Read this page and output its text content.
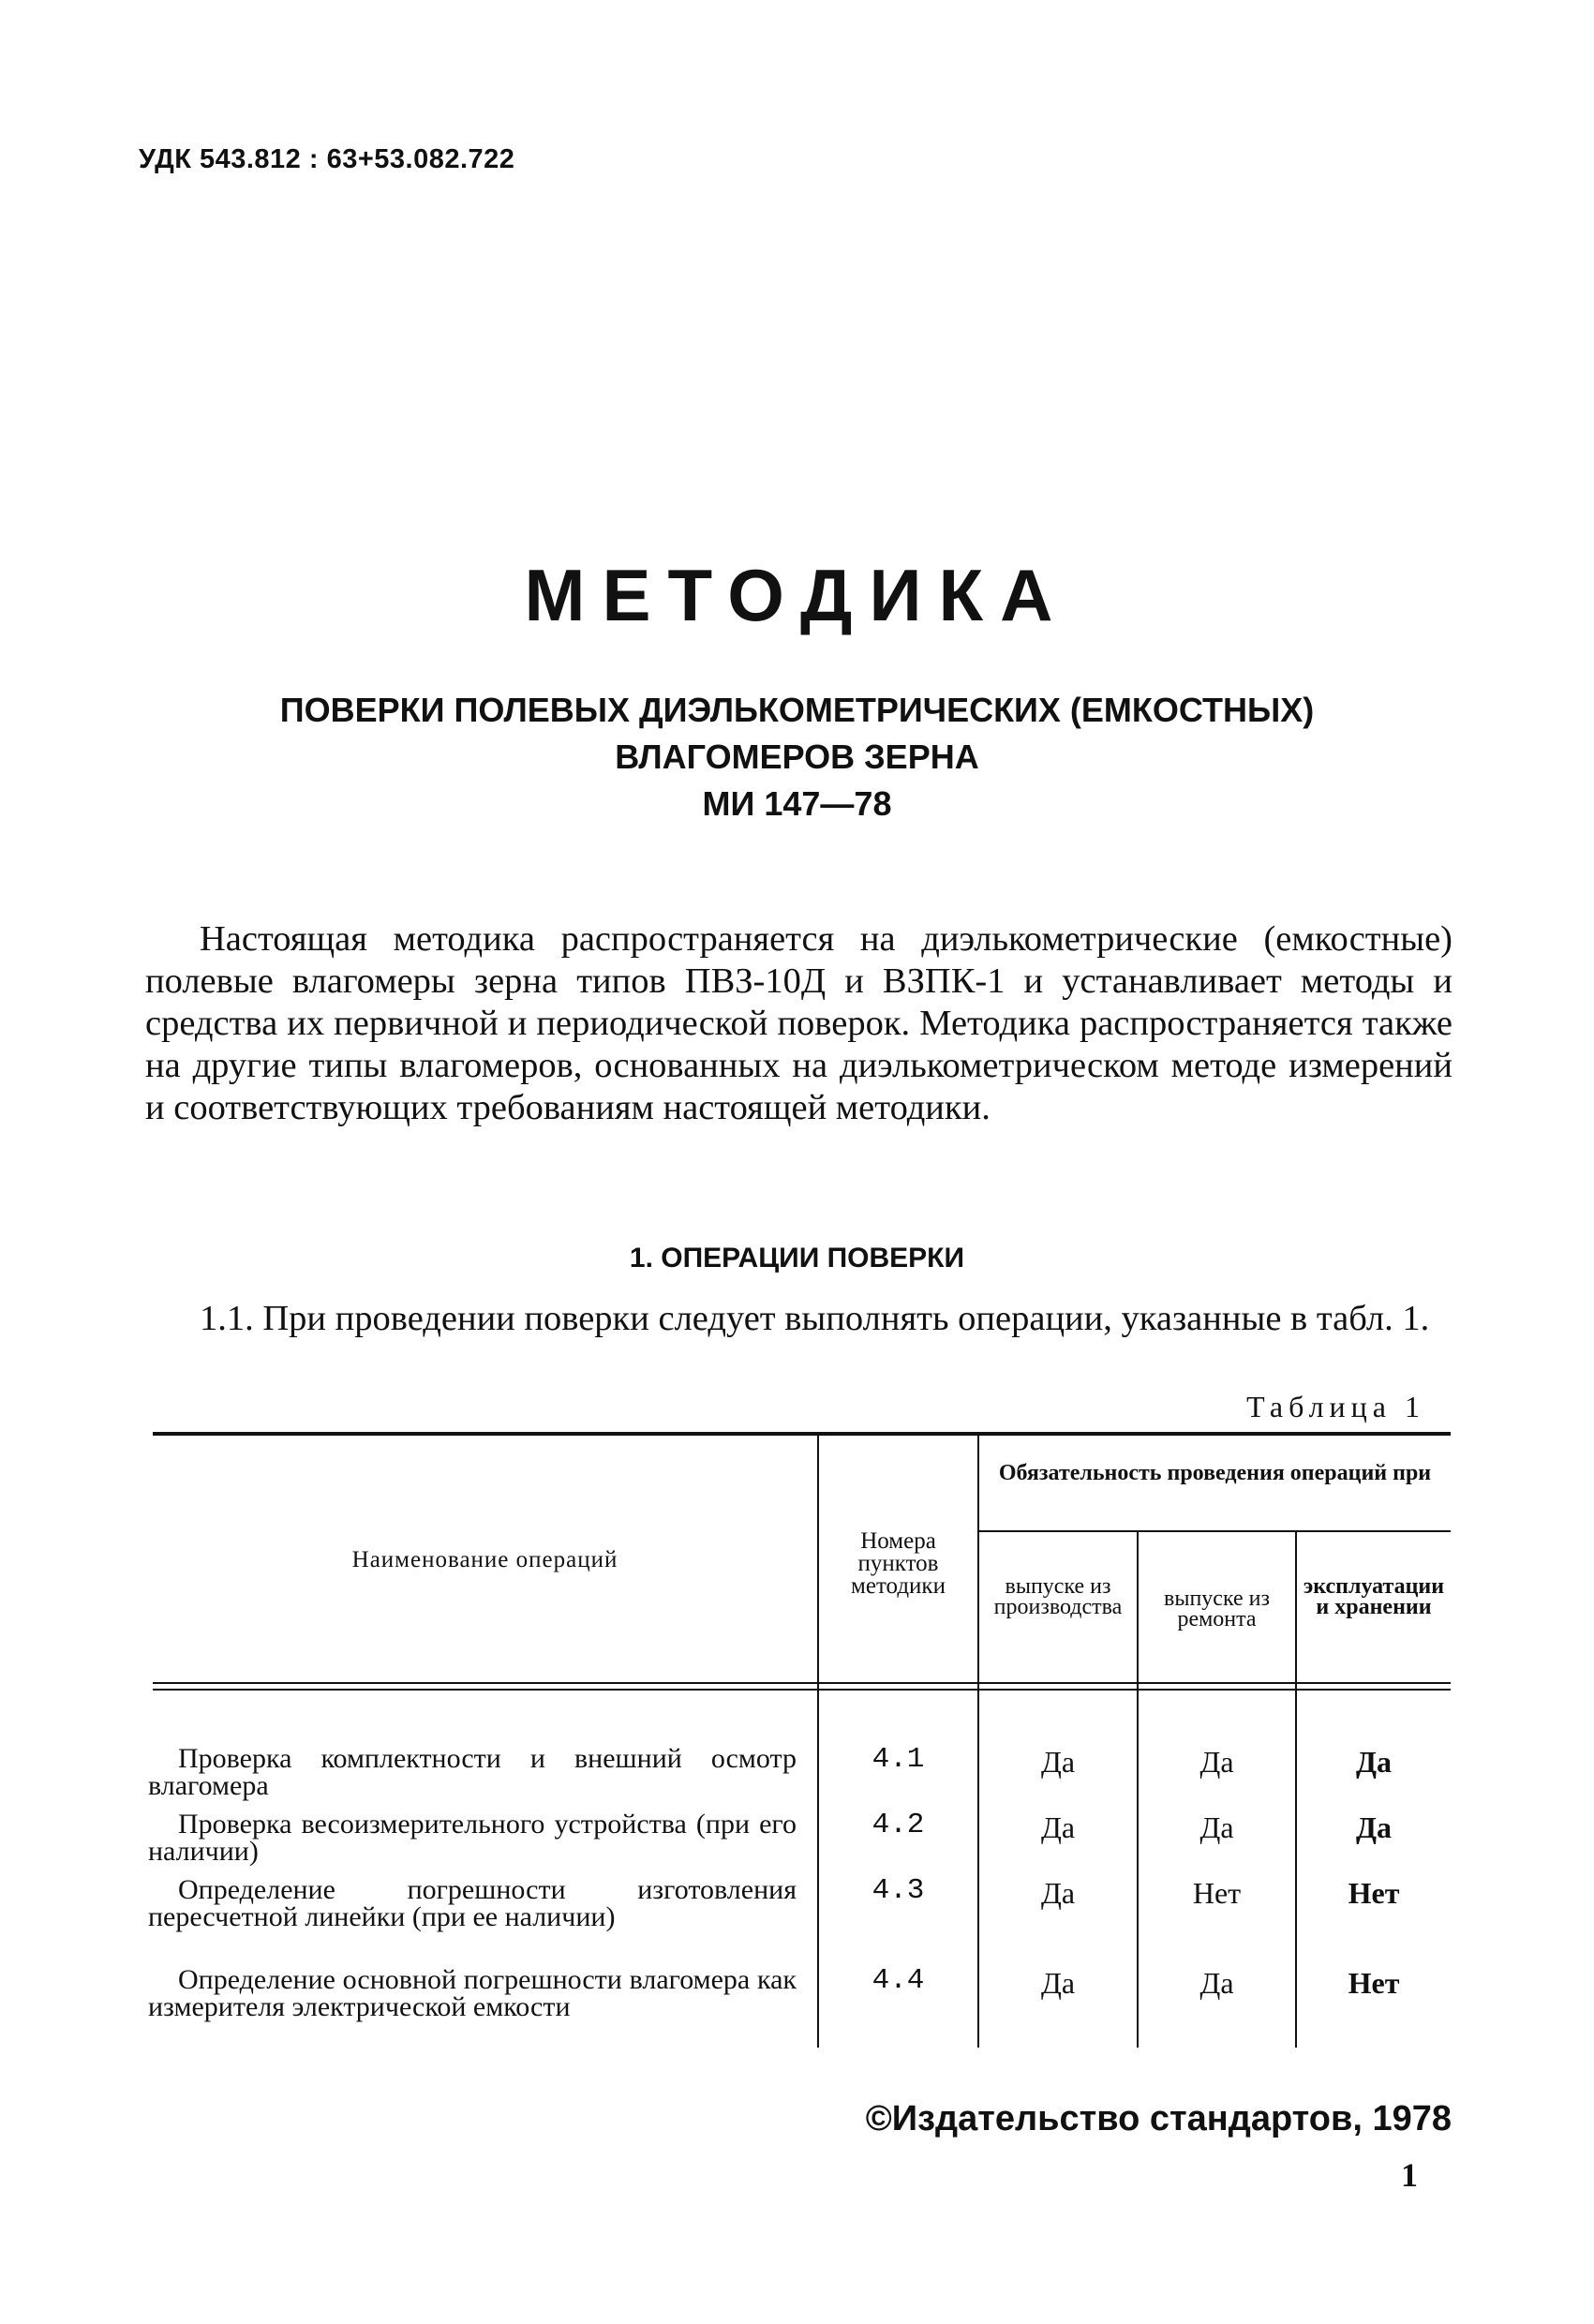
УДК 543.812 : 63+53.082.722
МЕТОДИКА
ПОВЕРКИ ПОЛЕВЫХ ДИЭЛЬКОМЕТРИЧЕСКИХ (ЕМКОСТНЫХ)
ВЛАГОМЕРОВ ЗЕРНА
МИ 147—78
Настоящая методика распространяется на диэлькометрические (емкостные) полевые влагомеры зерна типов ПВЗ-10Д и ВЗПК-1 и устанавливает методы и средства их первичной и периодической поверок. Методика распространяется также на другие типы влагомеров, основанных на диэлькометрическом методе измерений и соответствующих требованиям настоящей методики.
1. ОПЕРАЦИИ ПОВЕРКИ
1.1. При проведении поверки следует выполнять операции, указанные в табл. 1.
Таблица 1
Наименование операций
Номера пунктов методики
Обязательность проведения операций при
выпуске из производства	выпуске из ремонта
эксплуатации и хранении
Проверка комплектности и внешний осмотр влагомера
4.1	Да	Да	Да
Проверка весоизмерительного устройства (при его наличии)
4.2	Да	Да	Да
Определение погрешности изготовления пересчетной линейки (при ее наличии)
4.3	Да	Нет	Нет
Определение основной погрешности влагомера как измерителя электрической емкости
4.4	Да	Да	Нет
©Издательство стандартов, 1978
1
